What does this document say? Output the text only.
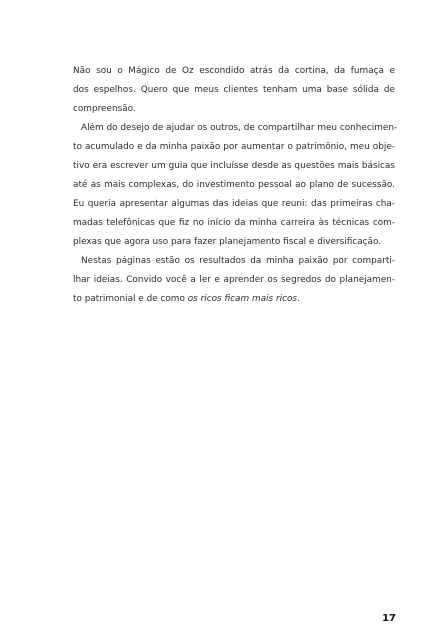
Não sou o Mágico de Oz escondido atrás da cortina, da fumaça e
dos espelhos. Quero que meus clientes tenham uma base sólida de
compreensão.
Além do desejo de ajudar os outros, de compartilhar meu conhecimen-
to acumulado e da minha paixão por aumentar o patrimônio, meu obje-
tivo era escrever um guia que incluísse desde as questões mais básicas
até as mais complexas, do investimento pessoal ao plano de sucessão.
Eu queria apresentar algumas das ideias que reuni: das primeiras cha-
madas telefônicas que fiz no início da minha carreira às técnicas com-
plexas que agora uso para fazer planejamento fiscal e diversificação.
Nestas páginas estão os resultados da minha paixão por comparti-
lhar ideias. Convido você a ler e aprender os segredos do planejamen-
to patrimonial e de como os ricos ficam mais ricos.
17
